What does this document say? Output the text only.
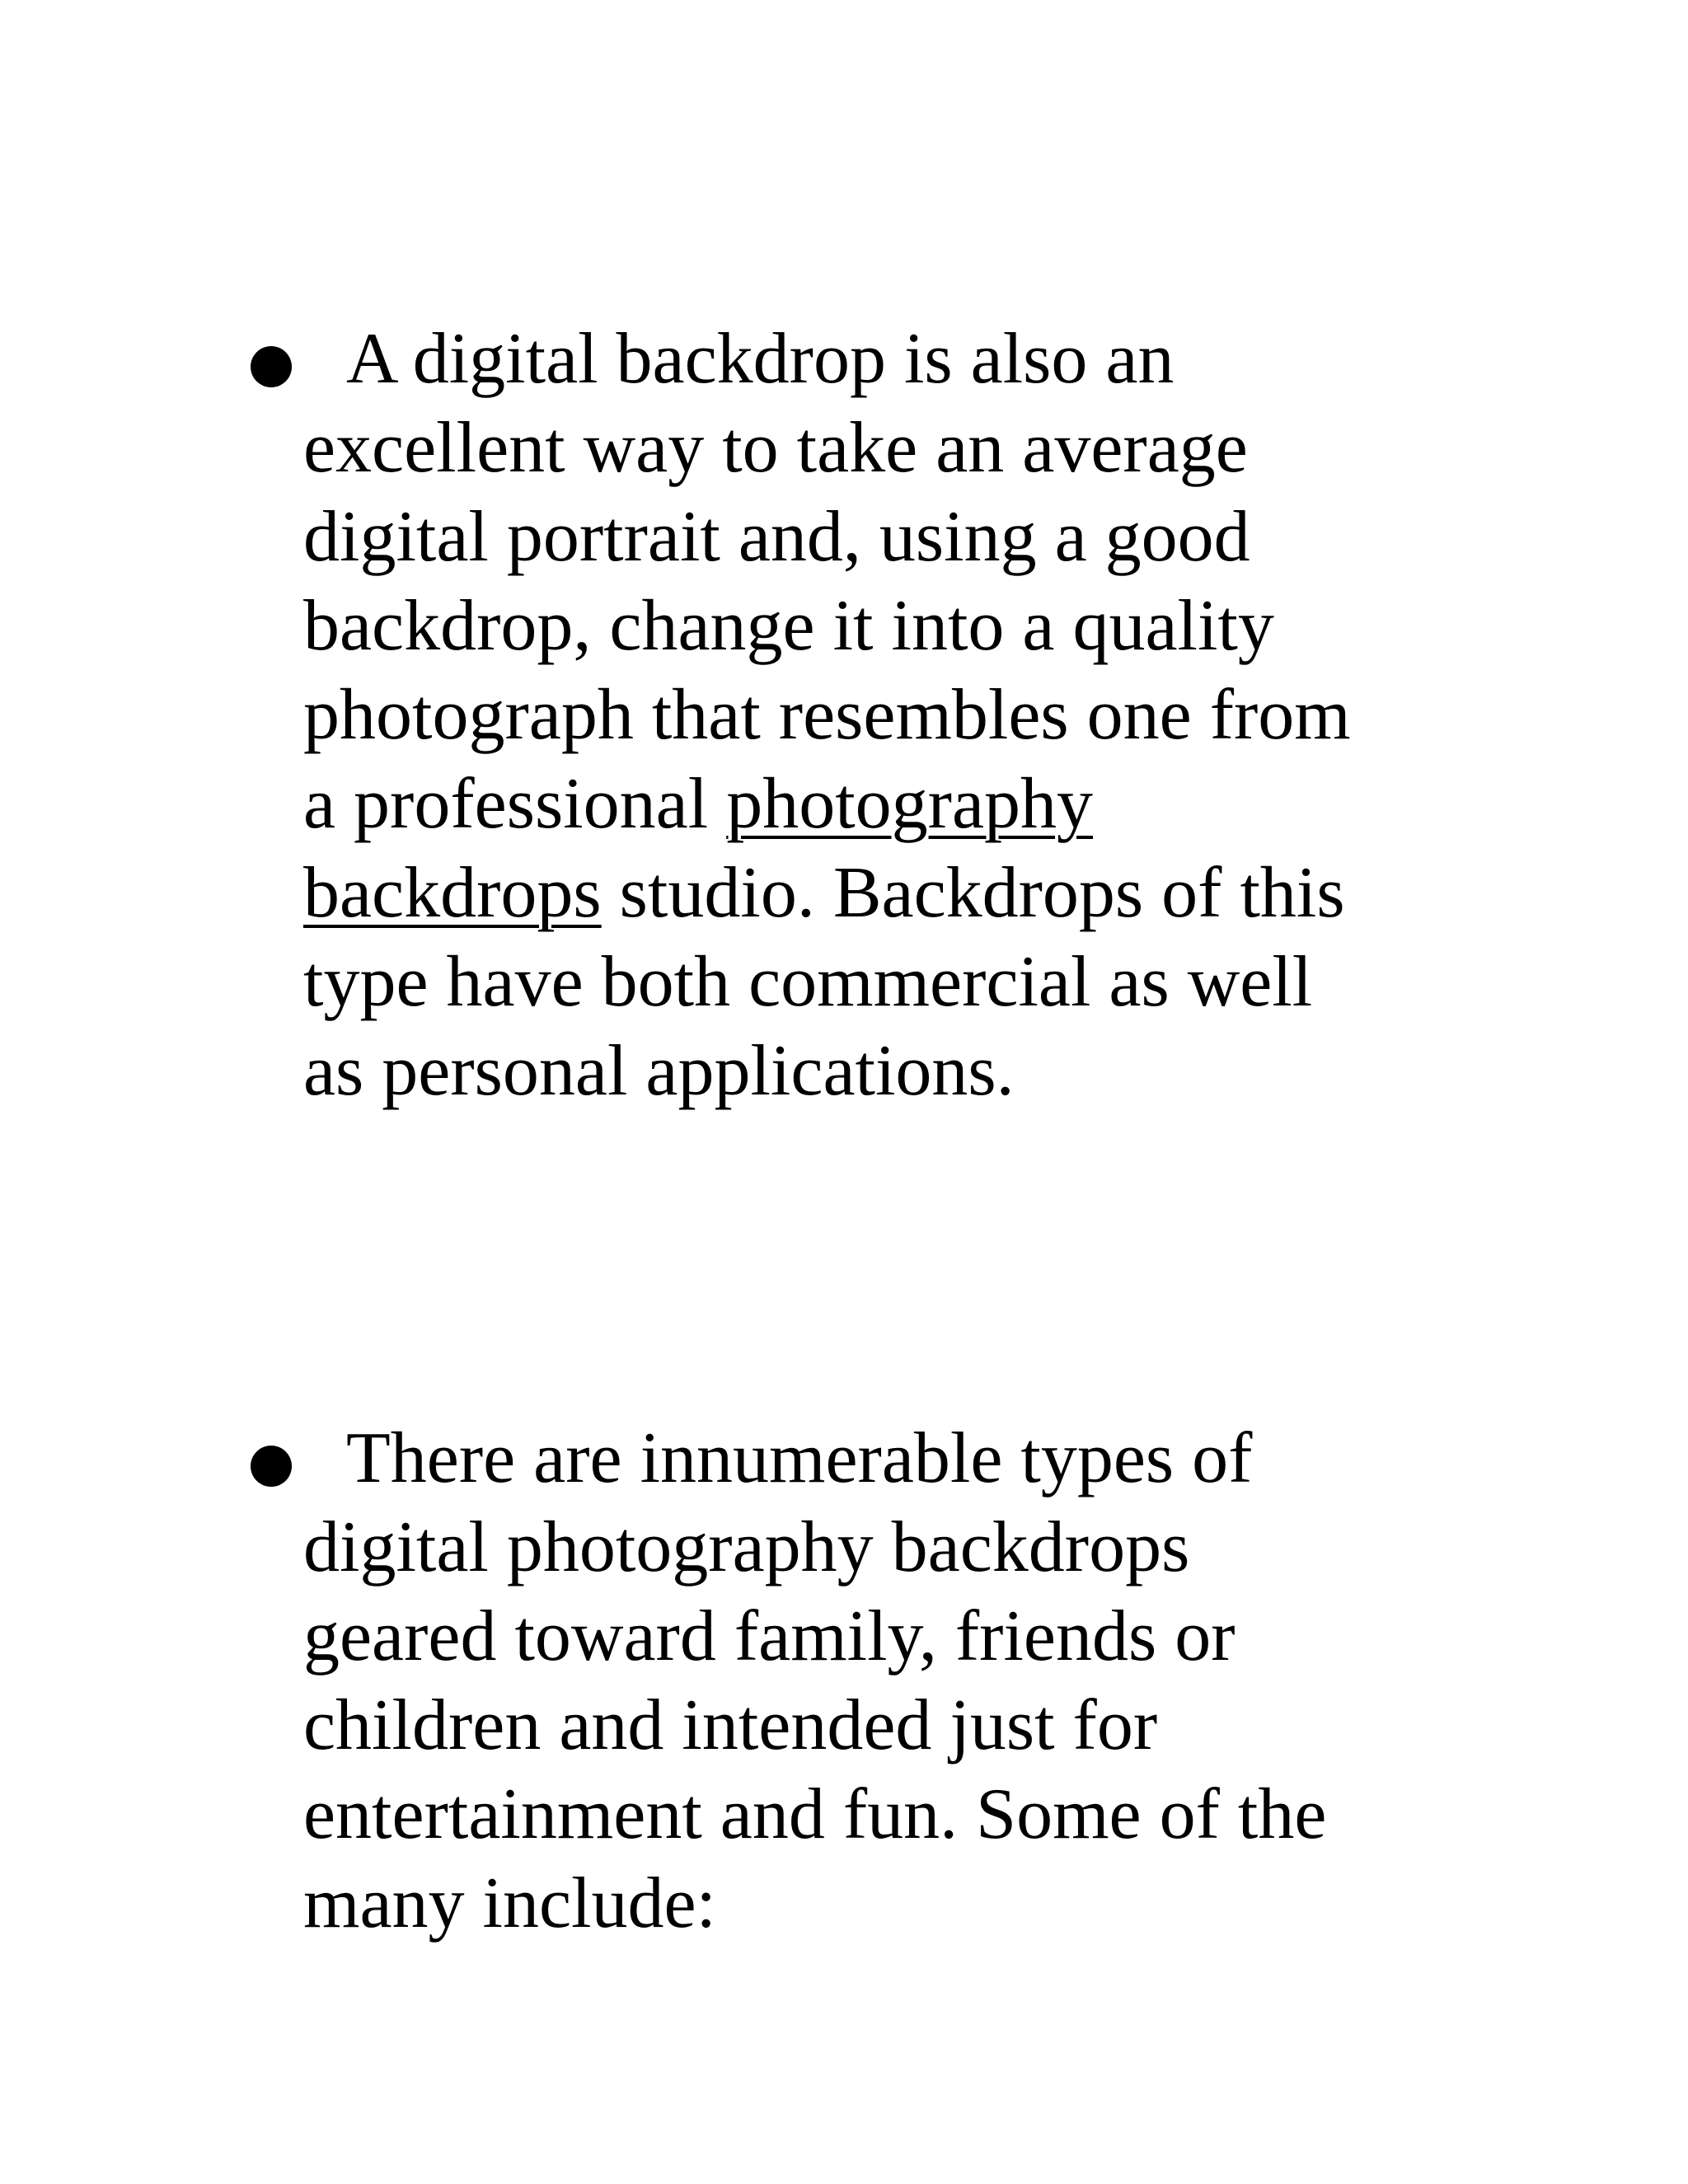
A digital backdrop is also an
excellent way to take an average
digital portrait and, using a good
backdrop, change it into a quality
photograph that resembles one from
a professional photography
backdrops studio. Backdrops of this
type have both commercial as well
as personal applications.
There are innumerable types of
digital photography backdrops
geared toward family, friends or
children and intended just for
entertainment and fun. Some of the
many include:
